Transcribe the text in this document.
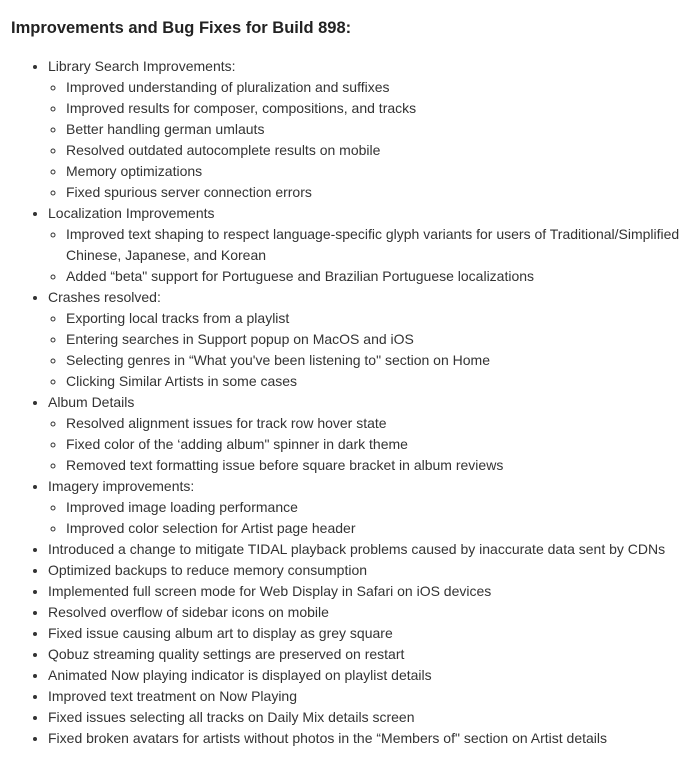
Improvements and Bug Fixes for Build 898:
• Library Search Improvements:
◦ Improved understanding of pluralization and suffixes
◦ Improved results for composer, compositions, and tracks
◦ Better handling german umlauts
◦ Resolved outdated autocomplete results on mobile
◦ Memory optimizations
◦ Fixed spurious server connection errors
• Localization Improvements
◦ Improved text shaping to respect language-specific glyph variants for users of Traditional/Simplified Chinese, Japanese, and Korean
◦ Added “beta" support for Portuguese and Brazilian Portuguese localizations
• Crashes resolved:
◦ Exporting local tracks from a playlist
◦ Entering searches in Support popup on MacOS and iOS
◦ Selecting genres in “What you've been listening to" section on Home
◦ Clicking Similar Artists in some cases
• Album Details
◦ Resolved alignment issues for track row hover state
◦ Fixed color of the ‘adding album" spinner in dark theme
◦ Removed text formatting issue before square bracket in album reviews
• Imagery improvements:
◦ Improved image loading performance
◦ Improved color selection for Artist page header
• Introduced a change to mitigate TIDAL playback problems caused by inaccurate data sent by CDNs
• Optimized backups to reduce memory consumption
• Implemented full screen mode for Web Display in Safari on iOS devices
• Resolved overflow of sidebar icons on mobile
• Fixed issue causing album art to display as grey square
• Qobuz streaming quality settings are preserved on restart
• Animated Now playing indicator is displayed on playlist details
• Improved text treatment on Now Playing
• Fixed issues selecting all tracks on Daily Mix details screen
• Fixed broken avatars for artists without photos in the “Members of" section on Artist details
